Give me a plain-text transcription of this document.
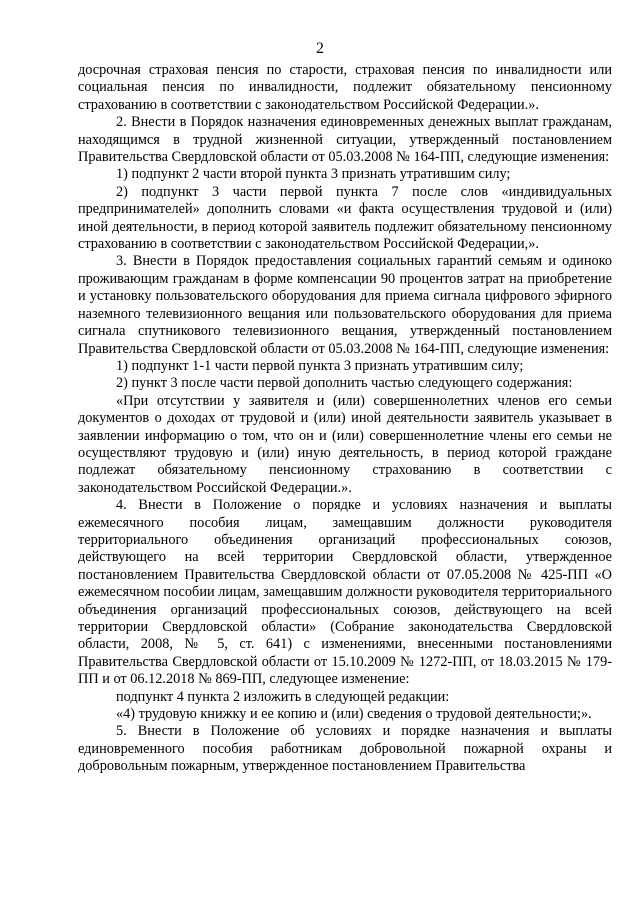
2

досрочная страховая пенсия по старости, страховая пенсия по инвалидности или социальная пенсия по инвалидности, подлежит обязательному пенсионному страхованию в соответствии с законодательством Российской Федерации.».

2. Внести в Порядок назначения единовременных денежных выплат гражданам, находящимся в трудной жизненной ситуации, утвержденный постановлением Правительства Свердловской области от 05.03.2008 № 164-ПП, следующие изменения:

1) подпункт 2 части второй пункта 3 признать утратившим силу;

2) подпункт 3 части первой пункта 7 после слов «индивидуальных предпринимателей» дополнить словами «и факта осуществления трудовой и (или) иной деятельности, в период которой заявитель подлежит обязательному пенсионному страхованию в соответствии с законодательством Российской Федерации,».

3. Внести в Порядок предоставления социальных гарантий семьям и одиноко проживающим гражданам в форме компенсации 90 процентов затрат на приобретение и установку пользовательского оборудования для приема сигнала цифрового эфирного наземного телевизионного вещания или пользовательского оборудования для приема сигнала спутникового телевизионного вещания, утвержденный постановлением Правительства Свердловской области от 05.03.2008 № 164-ПП, следующие изменения:

1) подпункт 1-1 части первой пункта 3 признать утратившим силу;

2) пункт 3 после части первой дополнить частью следующего содержания:

«При отсутствии у заявителя и (или) совершеннолетних членов его семьи документов о доходах от трудовой и (или) иной деятельности заявитель указывает в заявлении информацию о том, что он и (или) совершеннолетние члены его семьи не осуществляют трудовую и (или) иную деятельность, в период которой граждане подлежат обязательному пенсионному страхованию в соответствии с законодательством Российской Федерации.».

4. Внести в Положение о порядке и условиях назначения и выплаты ежемесячного пособия лицам, замещавшим должности руководителя территориального объединения организаций профессиональных союзов, действующего на всей территории Свердловской области, утвержденное постановлением Правительства Свердловской области от 07.05.2008 № 425-ПП «О ежемесячном пособии лицам, замещавшим должности руководителя территориального объединения организаций профессиональных союзов, действующего на всей территории Свердловской области» (Собрание законодательства Свердловской области, 2008, № 5, ст. 641) с изменениями, внесенными постановлениями Правительства Свердловской области от 15.10.2009 № 1272-ПП, от 18.03.2015 № 179-ПП и от 06.12.2018 № 869-ПП, следующее изменение:

подпункт 4 пункта 2 изложить в следующей редакции:

«4) трудовую книжку и ее копию и (или) сведения о трудовой деятельности;».

5. Внести в Положение об условиях и порядке назначения и выплаты единовременного пособия работникам добровольной пожарной охраны и добровольным пожарным, утвержденное постановлением Правительства
